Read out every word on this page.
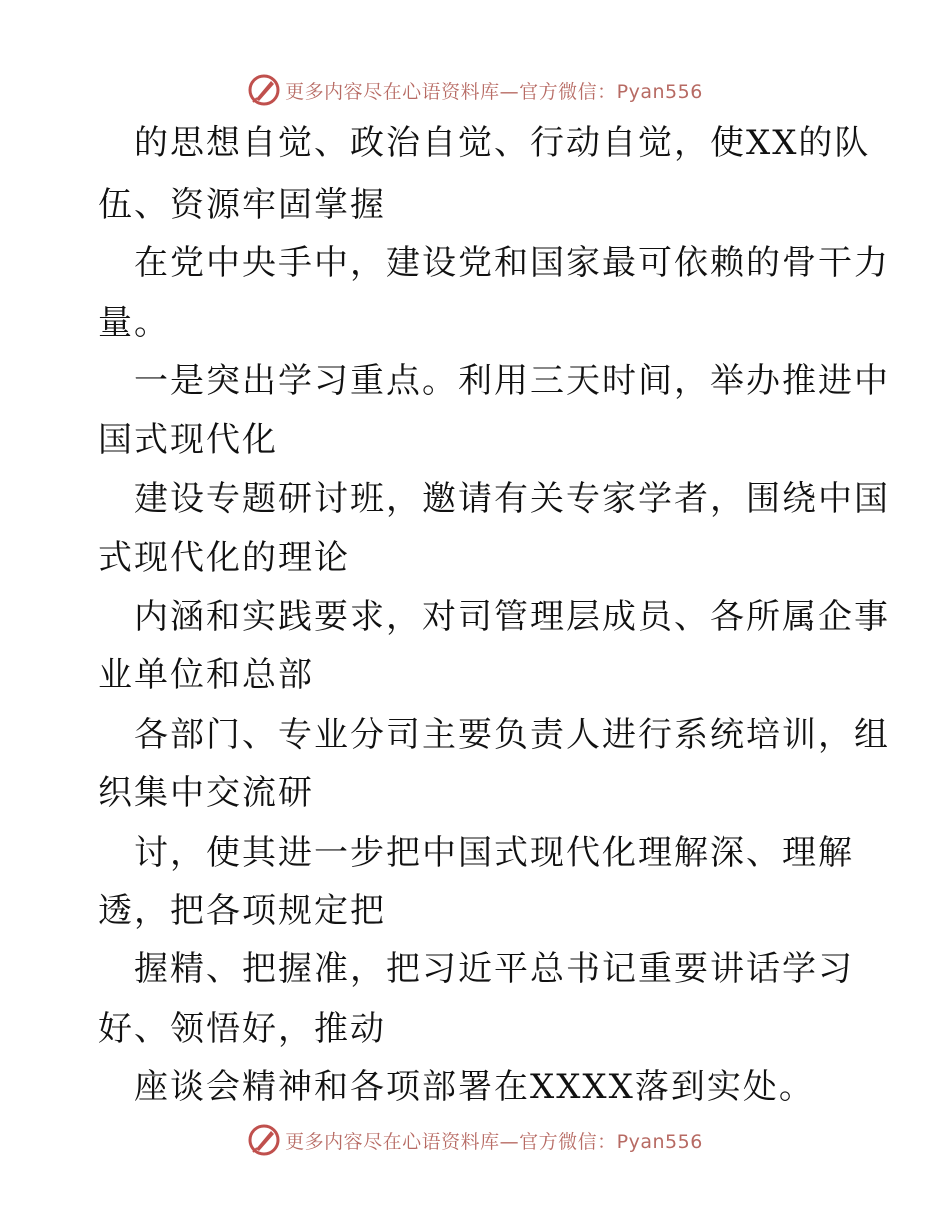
更多内容尽在心语资料库—官方微信：Pyan556
的思想自觉、政治自觉、行动自觉，使XX的队
伍、资源牢固掌握
在党中央手中，建设党和国家最可依赖的骨干力
量。
一是突出学习重点。利用三天时间，举办推进中
国式现代化
建设专题研讨班，邀请有关专家学者，围绕中国
式现代化的理论
内涵和实践要求，对司管理层成员、各所属企事
业单位和总部
各部门、专业分司主要负责人进行系统培训，组
织集中交流研
讨，使其进一步把中国式现代化理解深、理解
透，把各项规定把
握精、把握准，把习近平总书记重要讲话学习
好、领悟好，推动
座谈会精神和各项部署在XXXX落到实处。
更多内容尽在心语资料库—官方微信：Pyan556
